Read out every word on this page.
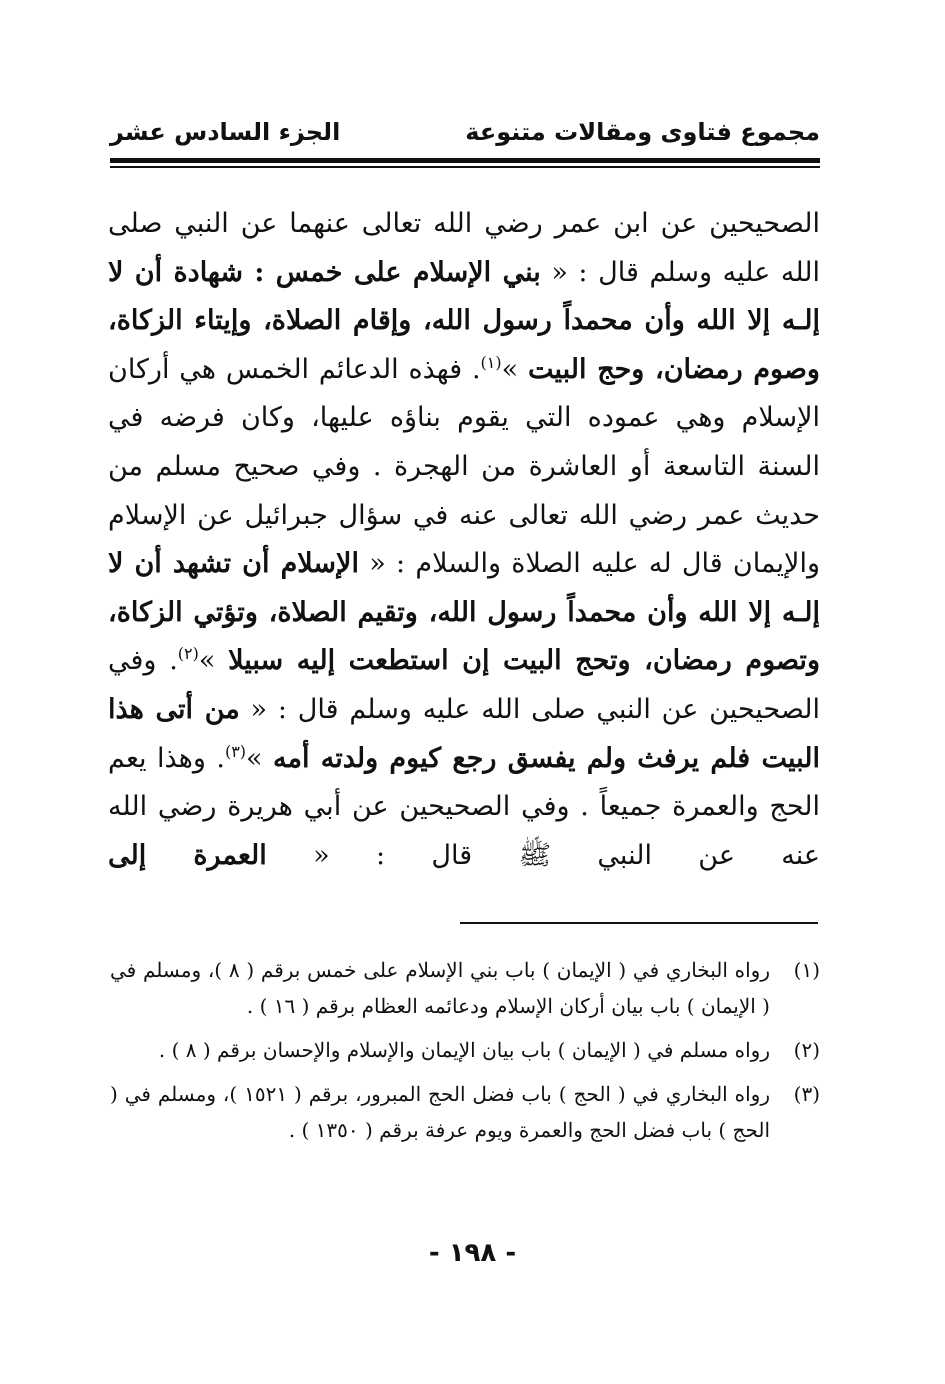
مجموع فتاوى ومقالات متنوعة
الجزء السادس عشر
الصحيحين عن ابن عمر رضي الله تعالى عنهما عن النبي صلى الله عليه وسلم قال : « بني الإسلام على خمس : شهادة أن لا إلـه إلا الله وأن محمداً رسول الله، وإقام الصلاة، وإيتاء الزكاة، وصوم رمضان، وحج البيت »$^{(١)}$. فهذه الدعائم الخمس هي أركان الإسلام وهي عموده التي يقوم بناؤه عليها، وكان فرضه في السنة التاسعة أو العاشرة من الهجرة . وفي صحيح مسلم من حديث عمر رضي الله تعالى عنه في سؤال جبرائيل عن الإسلام والإيمان قال له عليه الصلاة والسلام : « الإسلام أن تشهد أن لا إلـه إلا الله وأن محمداً رسول الله، وتقيم الصلاة، وتؤتي الزكاة، وتصوم رمضان، وتحج البيت إن استطعت إليه سبيلا »$^{(٢)}$. وفي الصحيحين عن النبي صلى الله عليه وسلم قال : « من أتى هذا البيت فلم يرفث ولم يفسق رجع كيوم ولدته أمه »$^{(٣)}$. وهذا يعم الحج والعمرة جميعاً . وفي الصحيحين عن أبي هريرة رضي الله عنه عن النبي ﷺ قال : « العمرة إلى
(١)
رواه البخاري في ( الإيمان ) باب بني الإسلام على خمس برقم ( ٨ )، ومسلم في ( الإيمان ) باب بيان أركان الإسلام ودعائمه العظام برقم ( ١٦ ) .
(٢)
رواه مسلم في ( الإيمان ) باب بيان الإيمان والإسلام والإحسان برقم ( ٨ ) .
(٣)
رواه البخاري في ( الحج ) باب فضل الحج المبرور، برقم ( ١٥٢١ )، ومسلم في ( الحج ) باب فضل الحج والعمرة ويوم عرفة برقم ( ١٣٥٠ ) .
- ١٩٨ -
